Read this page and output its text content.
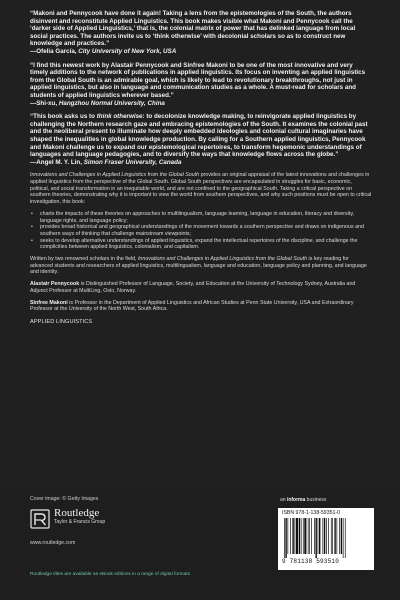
“Makoni and Pennycook have done it again! Taking a lens from the epistemologies of the South, the authors disinvent and reconstitute Applied Linguistics. This book makes visible what Makoni and Pennycook call the ‘darker side of Applied Linguistics,’ that is, the colonial matrix of power that has delinked language from local social practices. The authors invite us to ‘think otherwise’ with decolonial scholars so as to construct new knowledge and practices.”
—Ofelia García, City University of New York, USA

“I find this newest work by Alastair Pennycook and Sinfree Makoni to be one of the most innovative and very timely additions to the network of publications in applied linguistics. Its focus on inventing an applied linguistics from the Global South is an admirable goal, which is likely to lead to revolutionary breakthroughs, not just in applied linguistics, but also in language and communication studies as a whole. A must-read for scholars and students of applied linguistics wherever based.”
—Shi-xu, Hangzhou Normal University, China

“This book asks us to think otherwise: to decolonize knowledge making, to reinvigorate applied linguistics by challenging the Northern research gaze and embracing epistemologies of the South. It examines the colonial past and the neoliberal present to illuminate how deeply embedded ideologies and colonial cultural imaginaries have shaped the inequalities in global knowledge production. By calling for a Southern applied linguistics, Pennycook and Makoni challenge us to expand our epistemological repertoires, to transform hegemonic understandings of languages and language pedagogies, and to diversify the ways that knowledge flows across the globe.”
—Angel M. Y. Lin, Simon Fraser University, Canada

Innovations and Challenges in Applied Linguistics from the Global South provides an original appraisal of the latest innovations and challenges in applied linguistics from the perspective of the Global South. Global South perspectives are encapsulated in struggles for basic, economic, political, and social transformation in an inequitable world, and are not confined to the geographical South. Taking a critical perspective on southern theories, demonstrating why it is important to view the world from southern perspectives, and why such positions must be open to critical investigation, this book:

• charts the impacts of these theories on approaches to multilingualism, language learning, language in education, literacy and diversity, language rights, and language policy;
• provides broad historical and geographical understandings of the movement towards a southern perspective and draws on indigenous and southern ways of thinking that challenge mainstream viewpoints;
• seeks to develop alternative understandings of applied linguistics, expand the intellectual repertoires of the discipline, and challenge the complicities between applied linguistics, colonialism, and capitalism.

Written by two renowned scholars in the field, Innovations and Challenges in Applied Linguistics from the Global South is key reading for advanced students and researchers of applied linguistics, multilingualism, language and education, language policy and planning, and language and identity.

Alastair Pennycook is Distinguished Professor of Language, Society, and Education at the University of Technology Sydney, Australia and Adjunct Professor at MultiLing, Oslo, Norway.

Sinfree Makoni is Professor in the Department of Applied Linguistics and African Studies at Penn State University, USA and Extraordinary Professor at the University of the North West, South Africa.

APPLIED LINGUISTICS

Cover image: © Getty Images
Routledge
Taylor & Francis Group
www.routledge.com
Routledge titles are available as eBook editions in a range of digital formats
an informa business
ISBN 978-1-138-59351-0
9 781138 593510
